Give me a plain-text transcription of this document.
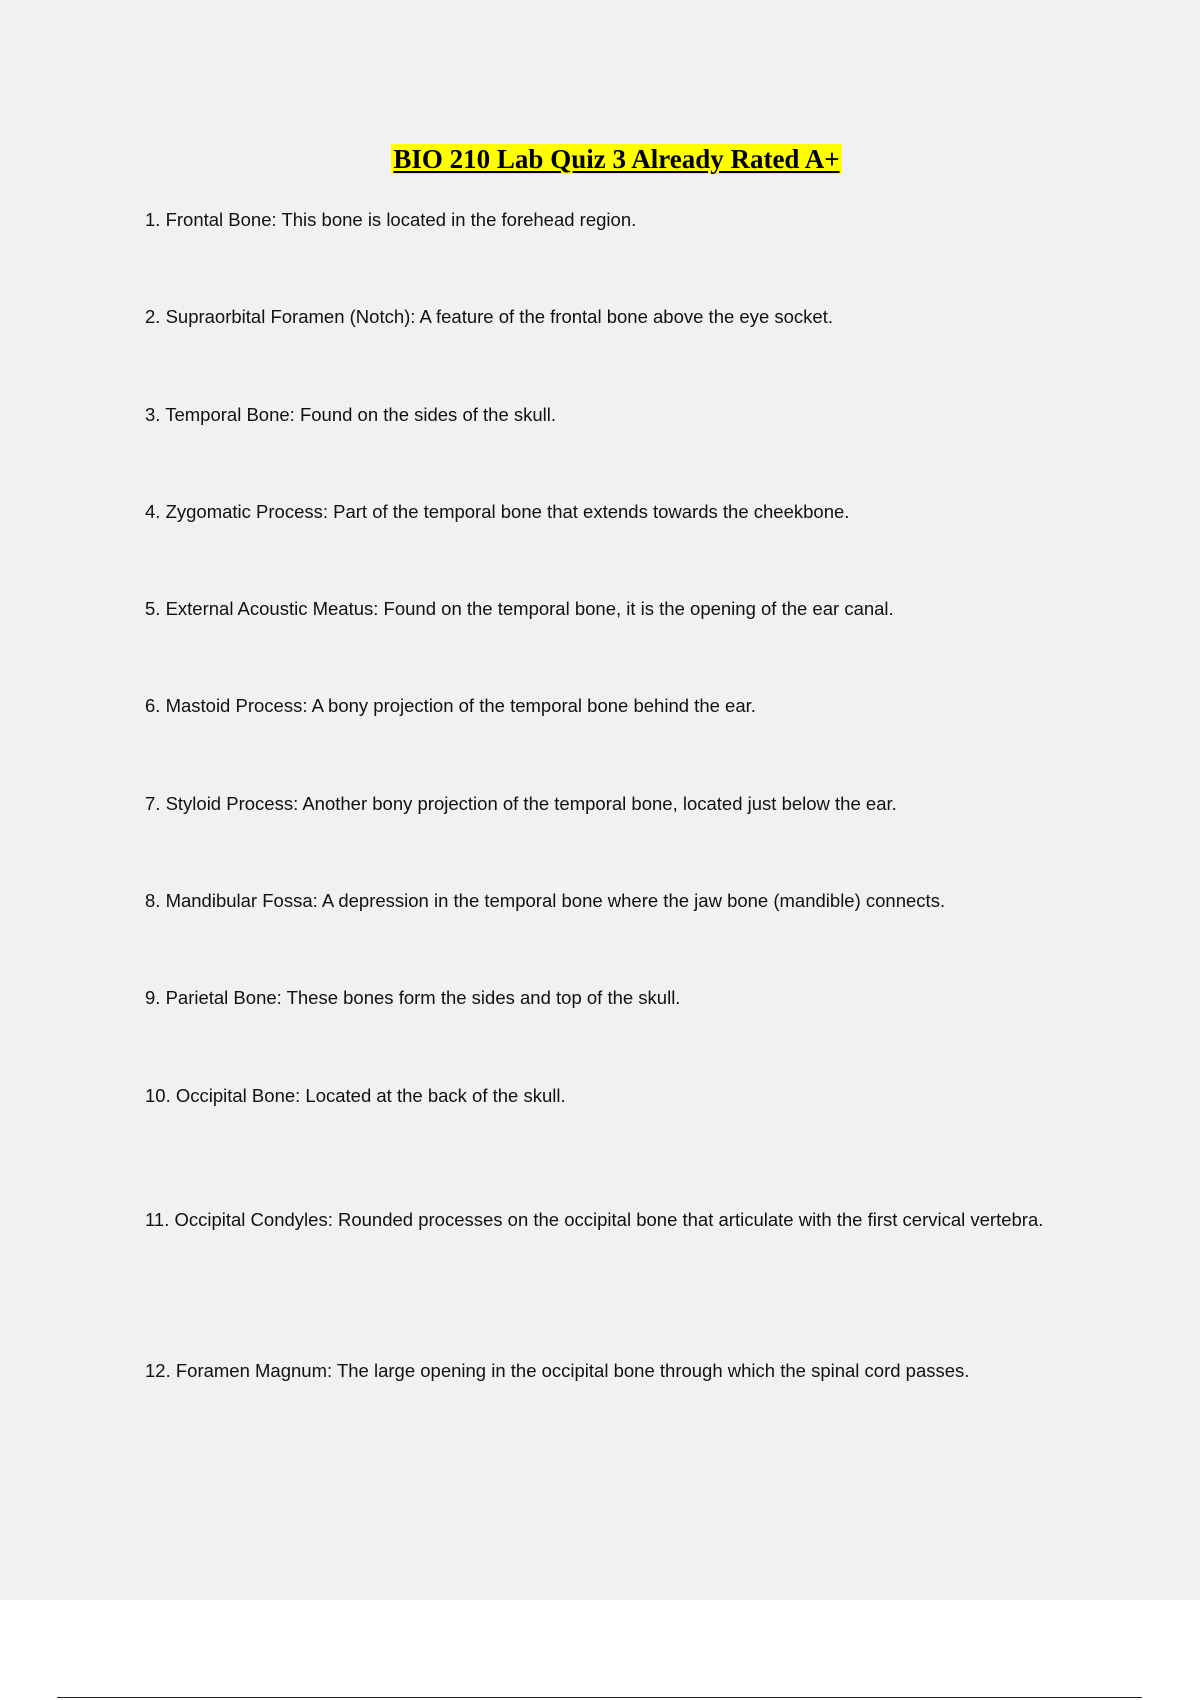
BIO 210 Lab Quiz 3 Already Rated A+

1. Frontal Bone: This bone is located in the forehead region.

2. Supraorbital Foramen (Notch): A feature of the frontal bone above the eye socket.

3. Temporal Bone: Found on the sides of the skull.

4. Zygomatic Process: Part of the temporal bone that extends towards the cheekbone.

5. External Acoustic Meatus: Found on the temporal bone, it is the opening of the ear canal.

6. Mastoid Process: A bony projection of the temporal bone behind the ear.

7. Styloid Process: Another bony projection of the temporal bone, located just below the ear.

8. Mandibular Fossa: A depression in the temporal bone where the jaw bone (mandible) connects.

9. Parietal Bone: These bones form the sides and top of the skull.

10. Occipital Bone: Located at the back of the skull.

11. Occipital Condyles: Rounded processes on the occipital bone that articulate with the first cervical vertebra.

12. Foramen Magnum: The large opening in the occipital bone through which the spinal cord passes.
